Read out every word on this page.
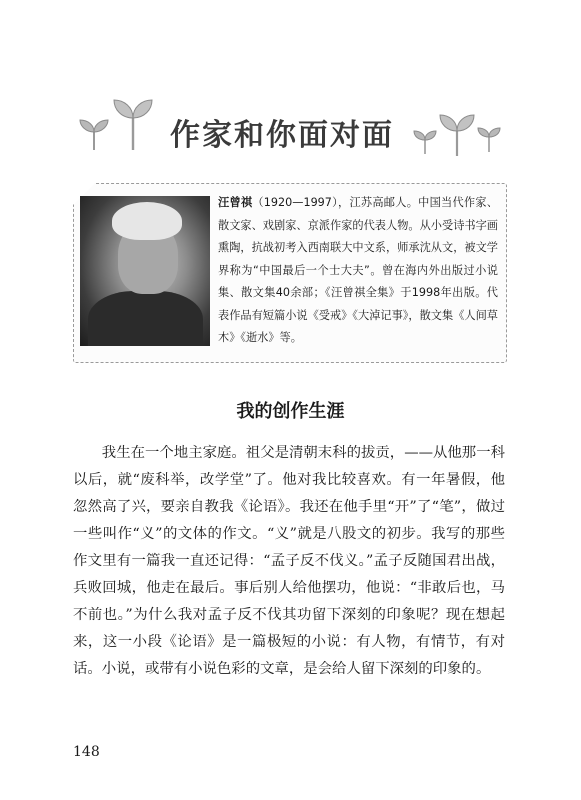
作家和你面对面
汪曾祺（1920—1997），江苏高邮人。中国当代作家、散文家、戏剧家、京派作家的代表人物。从小受诗书字画熏陶，抗战初考入西南联大中文系，师承沈从文，被文学界称为“中国最后一个士大夫”。曾在海内外出版过小说集、散文集40余部；《汪曾祺全集》于1998年出版。代表作品有短篇小说《受戒》《大淖记事》，散文集《人间草木》《逝水》等。
我的创作生涯

我生在一个地主家庭。祖父是清朝末科的拔贡，——从他那一科以后，就“废科举，改学堂”了。他对我比较喜欢。有一年暑假，他忽然高了兴，要亲自教我《论语》。我还在他手里“开”了“笔”，做过一些叫作“义”的文体的作文。“义”就是八股文的初步。我写的那些作文里有一篇我一直还记得：“孟子反不伐义。”孟子反随国君出战，兵败回城，他走在最后。事后别人给他摆功，他说：“非敢后也，马不前也。”为什么我对孟子反不伐其功留下深刻的印象呢？现在想起来，这一小段《论语》是一篇极短的小说：有人物，有情节，有对话。小说，或带有小说色彩的文章，是会给人留下深刻的印象的。

148
